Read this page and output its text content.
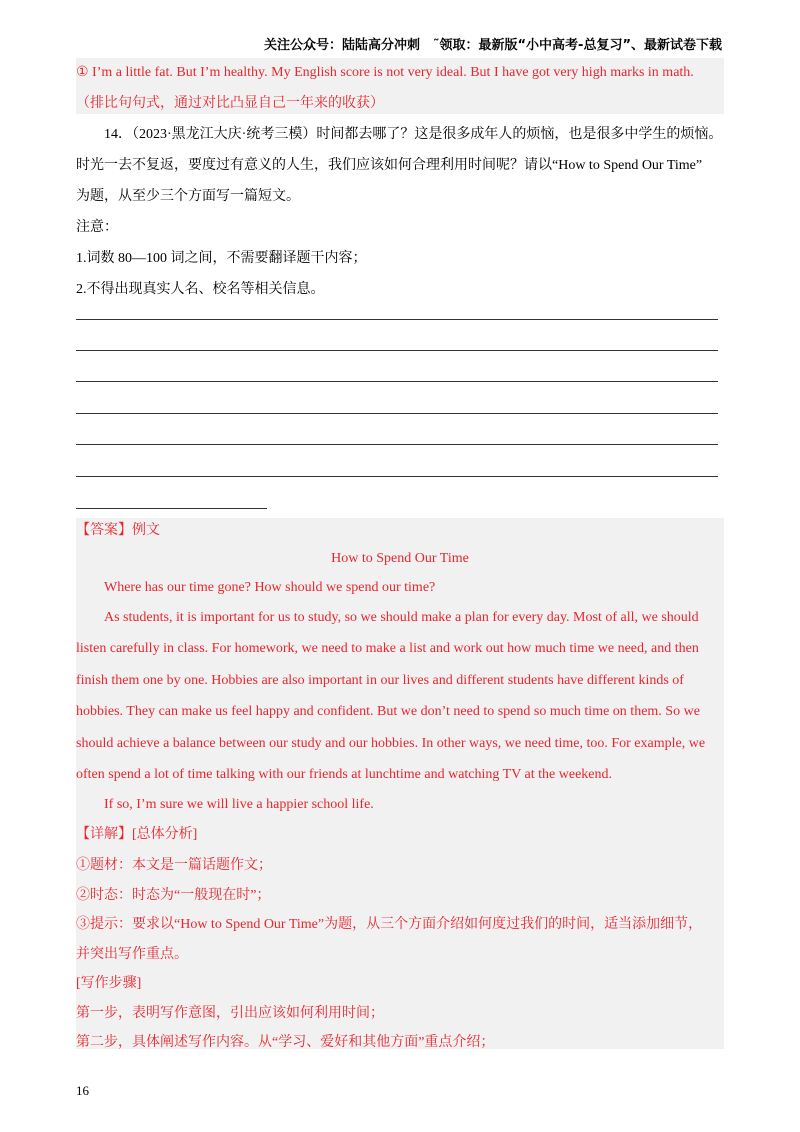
关注公众号：陆陆高分冲刺　˜领取：最新版“小中高考-总复习”、最新试卷下载
① I’m a little fat. But I’m healthy. My English score is not very ideal. But I have got very high marks in math.
（排比句句式，通过对比凸显自己一年来的收获）
14．（2023·黑龙江大庆·统考三模）时间都去哪了？这是很多成年人的烦恼，也是很多中学生的烦恼。
时光一去不复返，要度过有意义的人生，我们应该如何合理利用时间呢？请以“How to Spend Our Time”
为题，从至少三个方面写一篇短文。
注意：
1.词数 80—100 词之间，不需要翻译题干内容；
2.不得出现真实人名、校名等相关信息。
【答案】例文
How to Spend Our Time
Where has our time gone? How should we spend our time?
As students, it is important for us to study, so we should make a plan for every day. Most of all, we should
listen carefully in class. For homework, we need to make a list and work out how much time we need, and then
finish them one by one. Hobbies are also important in our lives and different students have different kinds of
hobbies. They can make us feel happy and confident. But we don’t need to spend so much time on them. So we
should achieve a balance between our study and our hobbies. In other ways, we need time, too. For example, we
often spend a lot of time talking with our friends at lunchtime and watching TV at the weekend.
If so, I’m sure we will live a happier school life.
【详解】[总体分析]
①题材：本文是一篇话题作文；
②时态：时态为“一般现在时”；
③提示：要求以“How to Spend Our Time”为题，从三个方面介绍如何度过我们的时间，适当添加细节，
并突出写作重点。
[写作步骤]
第一步，表明写作意图，引出应该如何利用时间；
第二步，具体阐述写作内容。从“学习、爱好和其他方面”重点介绍；
16
